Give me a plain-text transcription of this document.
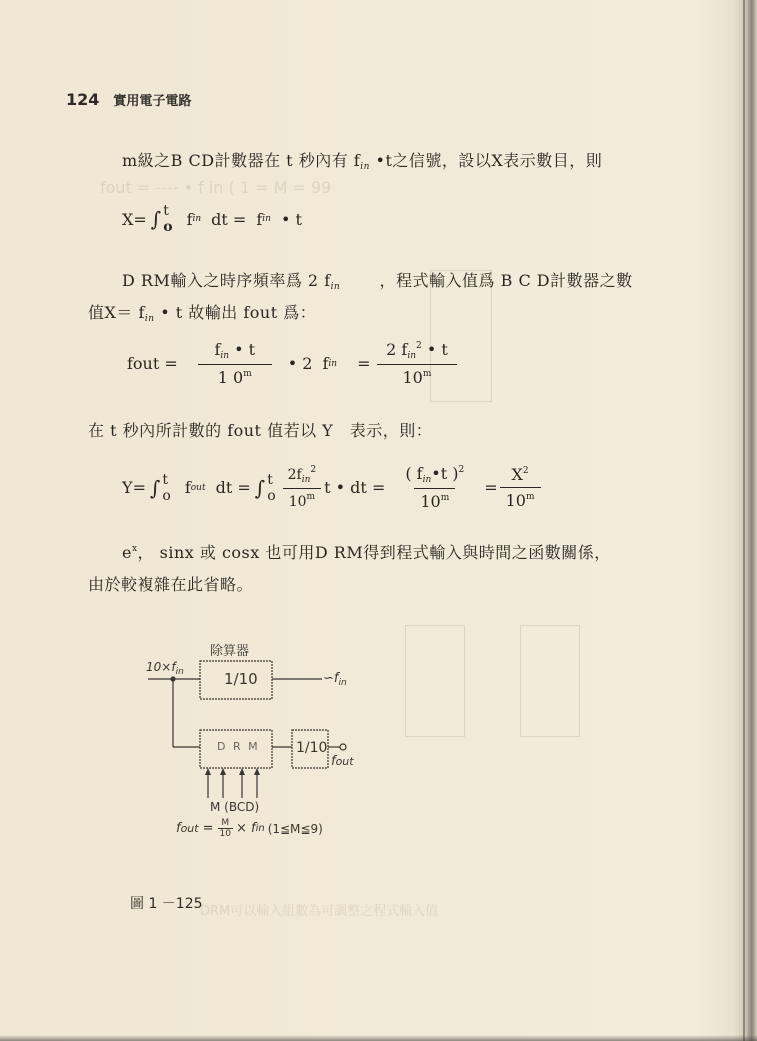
fout = ---- • f in ( 1 = M = 99
DRM可以輸入組數為可調整之程式輸入值
124 實用電子電路
m級之B CD計數器在 t 秒內有 $f_{in}$ •t之信號，設以X表示數目，則
X= ∫ t
o f in dt = f in • t
D RM輸入之時序頻率爲 2 $f_{in}$ ，程式輸入值爲 B C D計數器之數
值$X= f_{in}$ • t 故輸出 fout 爲：
fout = $\frac{f_{in} • t}{1 0^m}$ • 2 f in = $\frac{2 f_{in}^2 • t}{10^m}$
在 t 秒內所計數的 fout 值若以 Y　表示，則：
Y= ∫ t
o f out dt = ∫ t
o $\frac{2f_{in}^2}{10^m}$ t • dt = $\frac{( f_{in}•t )^2}{10^m} = \frac{X^2}{10^m}$
$e^x$， sinx 或 cosx 也可用D RM得到程式輸入與時間之函數關係，
由於較複雜在此省略。
除算器
$10\times f_{in}$	1/10	$∽f_{in}$
D R M	1/10
fout
M (BCD)
f out = $\frac{M}{10} \times f$ in (1≦M≦9)
圖 1 －125
